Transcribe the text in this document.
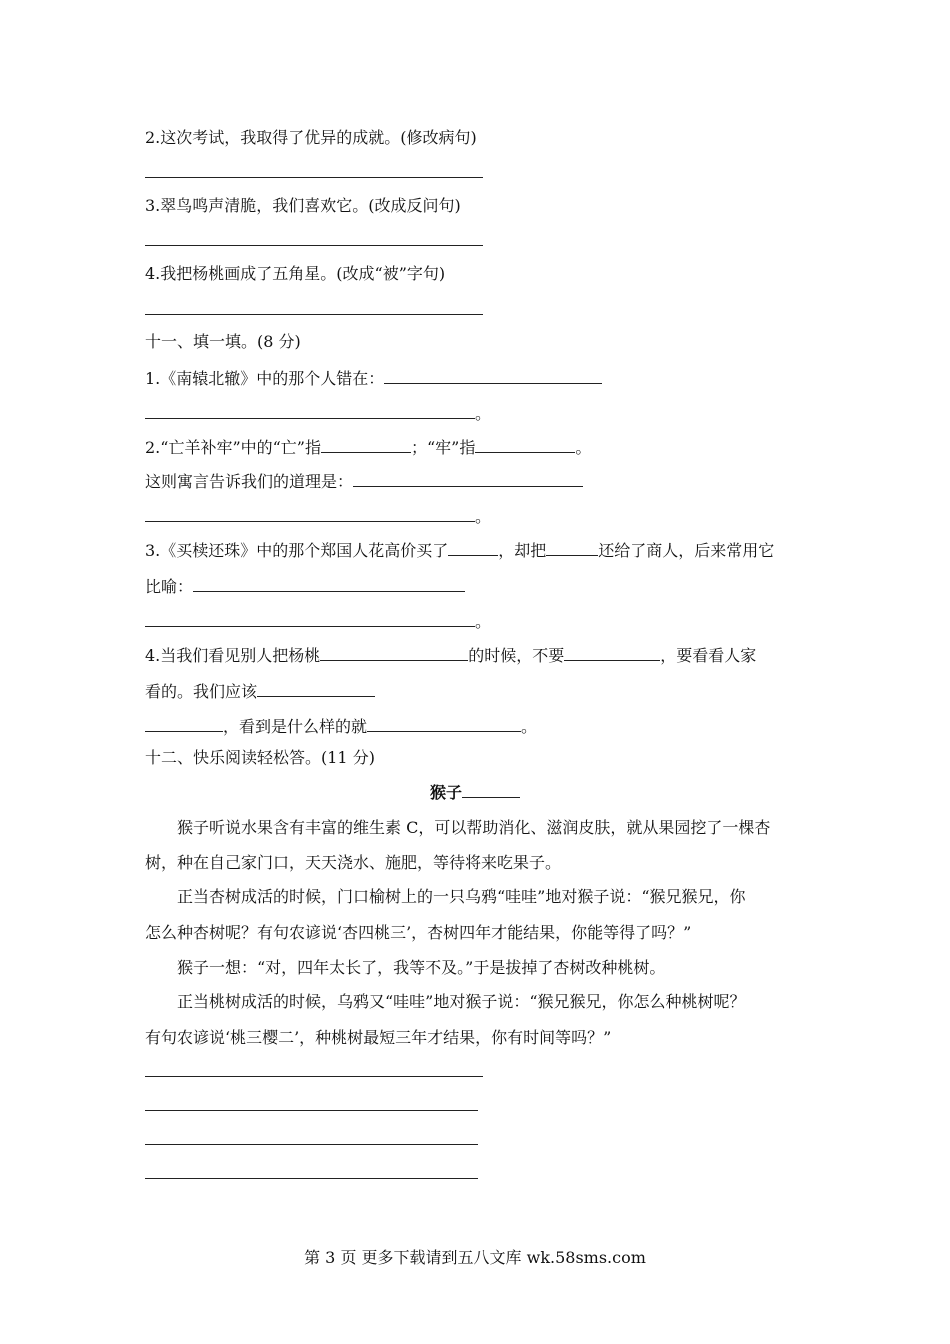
2.这次考试，我取得了优异的成就。(修改病句)
3.翠鸟鸣声清脆，我们喜欢它。(改成反问句)
4.我把杨桃画成了五角星。(改成“被”字句)
十一、填一填。(8 分)
1.《南辕北辙》中的那个人错在：
。
2.“亡羊补牢”中的“亡”指	；“牢”指	。
这则寓言告诉我们的道理是：
。
3.《买椟还珠》中的那个郑国人花高价买了	，却把	还给了商人，后来常用它
比喻：
。
4.当我们看见别人把杨桃	的时候，不要	，要看看人家
看的。我们应该
，看到是什么样的就	。
十二、快乐阅读轻松答。(11 分)
猴子
猴子听说水果含有丰富的维生素 C，可以帮助消化、滋润皮肤，就从果园挖了一棵杏
树，种在自己家门口，天天浇水、施肥，等待将来吃果子。
正当杏树成活的时候，门口榆树上的一只乌鸦“哇哇”地对猴子说：“猴兄猴兄，你
怎么种杏树呢？有句农谚说‘杏四桃三’，杏树四年才能结果，你能等得了吗？”
猴子一想：“对，四年太长了，我等不及。”于是拔掉了杏树改种桃树。
正当桃树成活的时候，乌鸦又“哇哇”地对猴子说：“猴兄猴兄，你怎么种桃树呢？
有句农谚说‘桃三樱二’，种桃树最短三年才结果，你有时间等吗？”
第 3 页 更多下载请到五八文库 wk.58sms.com
